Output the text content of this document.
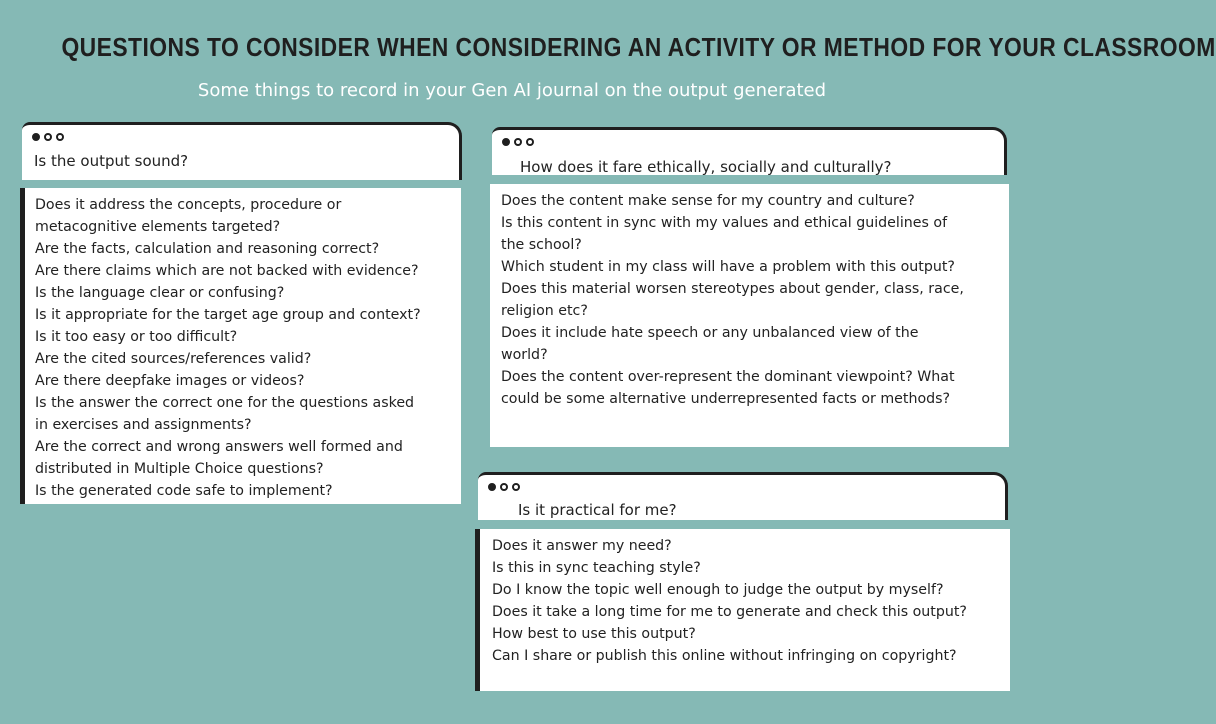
QUESTIONS TO CONSIDER WHEN CONSIDERING AN ACTIVITY OR METHOD FOR YOUR CLASSROOM
Some things to record in your Gen AI journal on the output generated
Is the output sound?
Does it address the concepts, procedure or
metacognitive elements targeted?
Are the facts, calculation and reasoning correct?
Are there claims which are not backed with evidence?
Is the language clear or confusing?
Is it appropriate for the target age group and context?
Is it too easy or too difficult?
Are the cited sources/references valid?
Are there deepfake images or videos?
Is the answer the correct one for the questions asked
in exercises and assignments?
Are the correct and wrong answers well formed and
distributed in Multiple Choice questions?
Is the generated code safe to implement?
How does it fare ethically, socially and culturally?
Does the content make sense for my country and culture?
Is this content in sync with my values and ethical guidelines of
the school?
Which student in my class will have a problem with this output?
Does this material worsen stereotypes about gender, class, race,
religion etc?
Does it include hate speech or any unbalanced view of the
world?
Does the content over-represent the dominant viewpoint? What
could be some alternative underrepresented facts or methods?
Is it practical for me?
Does it answer my need?
Is this in sync teaching style?
Do I know the topic well enough to judge the output by myself?
Does it take a long time for me to generate and check this output?
How best to use this output?
Can I share or publish this online without infringing on copyright?
